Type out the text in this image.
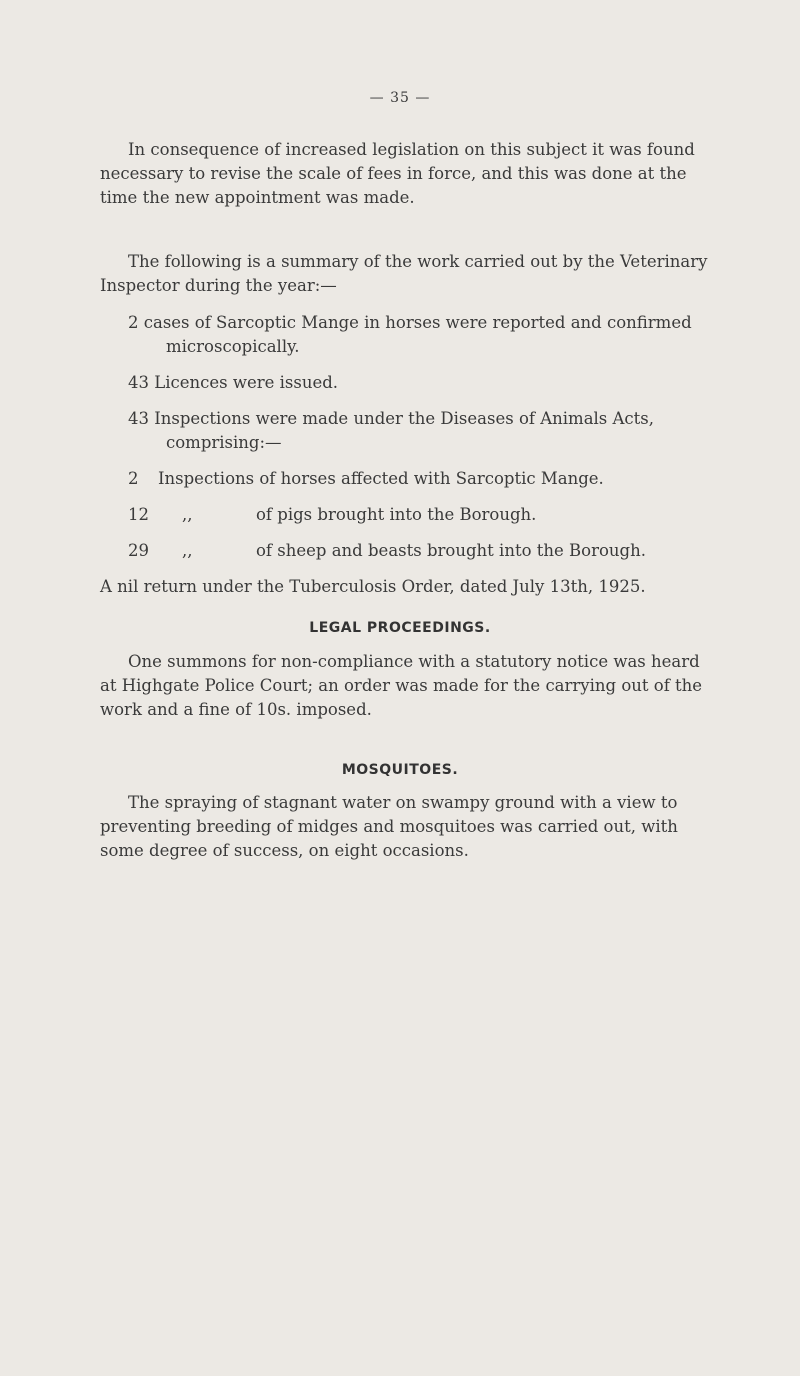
— 35 —

In consequence of increased legislation on this subject it was found necessary to revise the scale of fees in force, and this was done at the time the new appointment was made.

The following is a summary of the work carried out by the Veterinary Inspector during the year:—

2 cases of Sarcoptic Mange in horses were reported and confirmed microscopically.

43 Licences were issued.

43 Inspections were made under the Diseases of Animals Acts, comprising:—

2 Inspections of horses affected with Sarcoptic Mange.
12 ,,	of pigs brought into the Borough.
29 ,,	of sheep and beasts brought into the Borough.

A nil return under the Tuberculosis Order, dated July 13th, 1925.

LEGAL PROCEEDINGS.

One summons for non-compliance with a statutory notice was heard at Highgate Police Court; an order was made for the carrying out of the work and a fine of 10s. imposed.

MOSQUITOES.

The spraying of stagnant water on swampy ground with a view to preventing breeding of midges and mosquitoes was carried out, with some degree of success, on eight occasions.
